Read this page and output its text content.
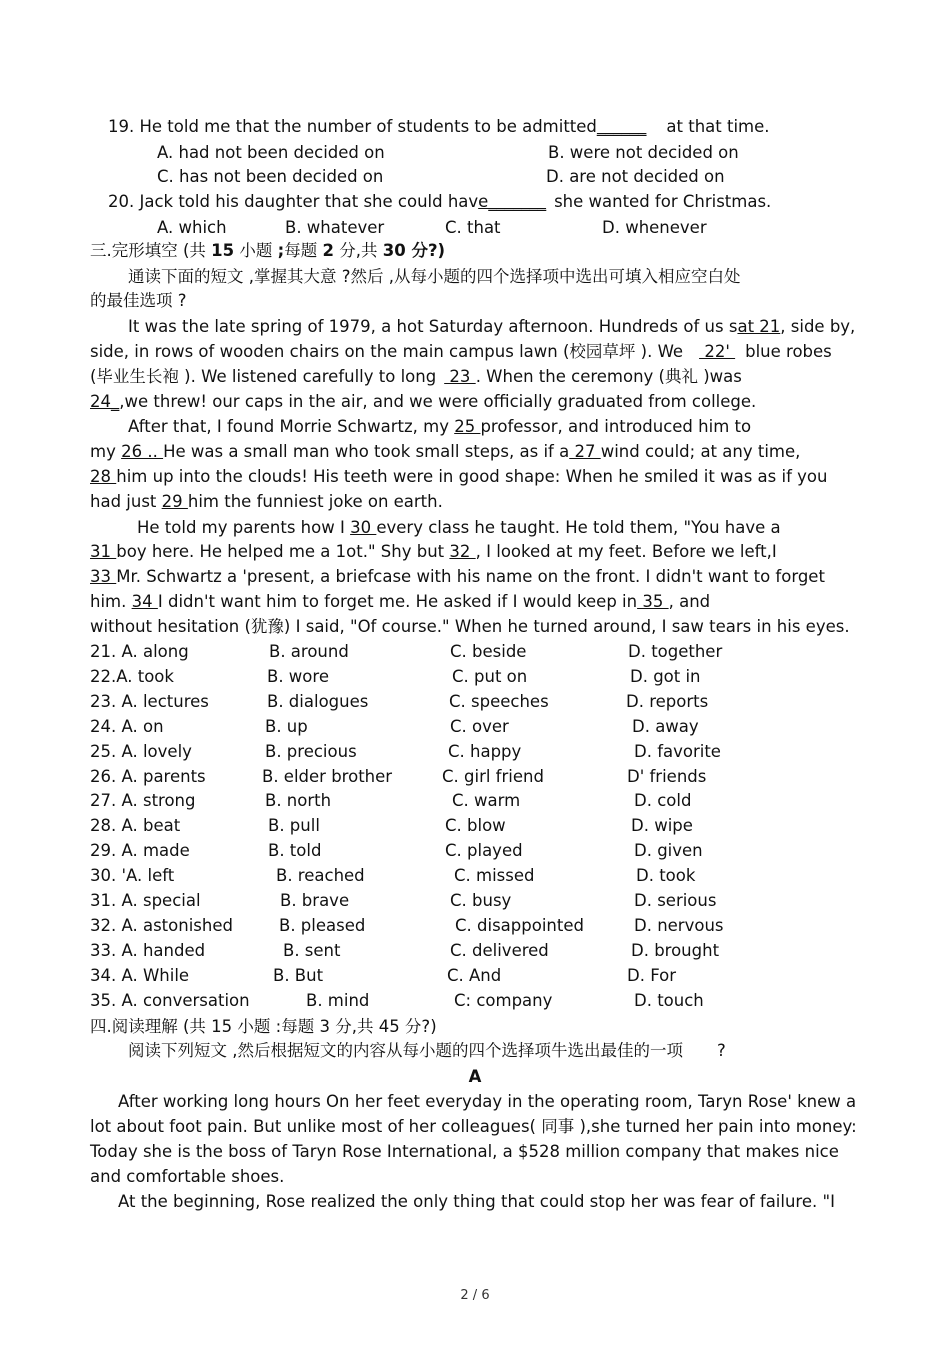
19. He told me that the number of students to be admitted______ at that time.
A. had not been decided on	B. were not decided on
C. has not been decided on	D. are not decided on
20. Jack told his daughter that she could have_______ she wanted for Christmas.
A. which	B. whatever	C. that	D. whenever
三.完形填空 (共 15 小题 ;每题 2 分,共 30 分?)
通读下面的短文 ,掌握其大意 ?然后 ,从每小题的四个选择项中选出可填入相应空白处
的最佳选项 ?
It was the late spring of 1979, a hot Saturday afternoon. Hundreds of us sat 21, side by,
side, in rows of wooden chairs on the main campus lawn (校园草坪 ). We 22' blue robes
(毕业生长袍 ). We listened carefully to long 23 . When the ceremony (典礼 )was
24_,we threw! our caps in the air, and we were officially graduated from college.
After that, I found Morrie Schwartz, my 25 professor, and introduced him to
my 26 .. He was a small man who took small steps, as if a 27 wind could; at any time,
28 him up into the clouds! His teeth were in good shape: When he smiled it was as if you
had just 29 him the funniest joke on earth.
He told my parents how I 30 every class he taught. He told them, "You have a
31 boy here. He helped me a 1ot." Shy but 32 , I looked at my feet. Before we left,I
33 Mr. Schwartz a 'present, a briefcase with his name on the front. I didn't want to forget
him. 34 I didn't want him to forget me. He asked if I would keep in 35 , and
without hesitation (犹豫) I said, "Of course." When he turned around, I saw tears in his eyes.
21. A. along	B. around	C. beside	D. together
22.A. took	B. wore	C. put on	D. got in
23. A. lectures	B. dialogues	C. speeches	D. reports
24. A. on	B. up	C. over	D. away
25. A. lovely	B. precious	C. happy	D. favorite
26. A. parents	B. elder brother	C. girl friend	D' friends
27. A. strong	B. north	C. warm	D. cold
28. A. beat	B. pull	C. blow	D. wipe
29. A. made	B. told	C. played	D. given
30. 'A. left	B. reached	C. missed	D. took
31. A. special	B. brave	C. busy	D. serious
32. A. astonished	B. pleased	C. disappointed	D. nervous
33. A. handed	B. sent	C. delivered	D. brought
34. A. While	B. But	C. And	D. For
35. A. conversation	B. mind	C: company	D. touch
四.阅读理解 (共 15 小题 :每题 3 分,共 45 分?)
阅读下列短文 ,然后根据短文的内容从每小题的四个选择项牛选出最佳的一项 ?
A
After working long hours On her feet everyday in the operating room, Taryn Rose' knew a
lot about foot pain. But unlike most of her colleagues( 同事 ),she turned her pain into money:
Today she is the boss of Taryn Rose International, a $528 million company that makes nice
and comfortable shoes.
At the beginning, Rose realized the only thing that could stop her was fear of failure. "I
2 / 6
